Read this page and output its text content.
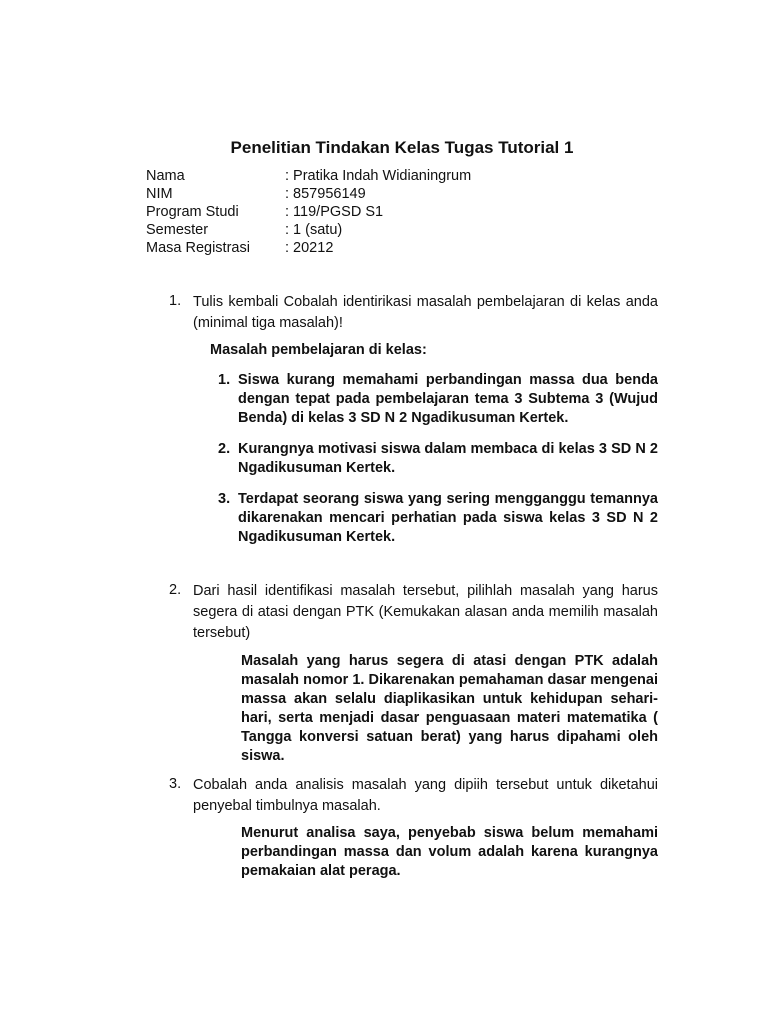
Penelitian Tindakan Kelas Tugas Tutorial 1
Nama	: Pratika Indah Widianingrum
NIM	: 857956149
Program Studi	: 119/PGSD S1
Semester	: 1 (satu)
Masa Registrasi	: 20212
1. Tulis kembali Cobalah identirikasi masalah pembelajaran di kelas anda (minimal tiga masalah)!
Masalah pembelajaran di kelas:
1. Siswa kurang memahami perbandingan massa dua benda dengan tepat pada pembelajaran tema 3 Subtema 3 (Wujud Benda) di kelas 3 SD N 2 Ngadikusuman Kertek.
2. Kurangnya motivasi siswa dalam membaca di kelas 3 SD N 2 Ngadikusuman Kertek.
3. Terdapat seorang siswa yang sering mengganggu temannya dikarenakan mencari perhatian pada siswa kelas 3 SD N 2 Ngadikusuman Kertek.
2. Dari hasil identifikasi masalah tersebut, pilihlah masalah yang harus segera di atasi dengan PTK (Kemukakan alasan anda memilih masalah tersebut)
Masalah yang harus segera di atasi dengan PTK adalah masalah nomor 1. Dikarenakan pemahaman dasar mengenai massa akan selalu diaplikasikan untuk kehidupan sehari-hari, serta menjadi dasar penguasaan materi matematika ( Tangga konversi satuan berat) yang harus dipahami oleh siswa.
3. Cobalah anda analisis masalah yang dipiih tersebut untuk diketahui penyebal timbulnya masalah.
Menurut analisa saya, penyebab siswa belum memahami perbandingan massa dan volum adalah karena kurangnya pemakaian alat peraga.
